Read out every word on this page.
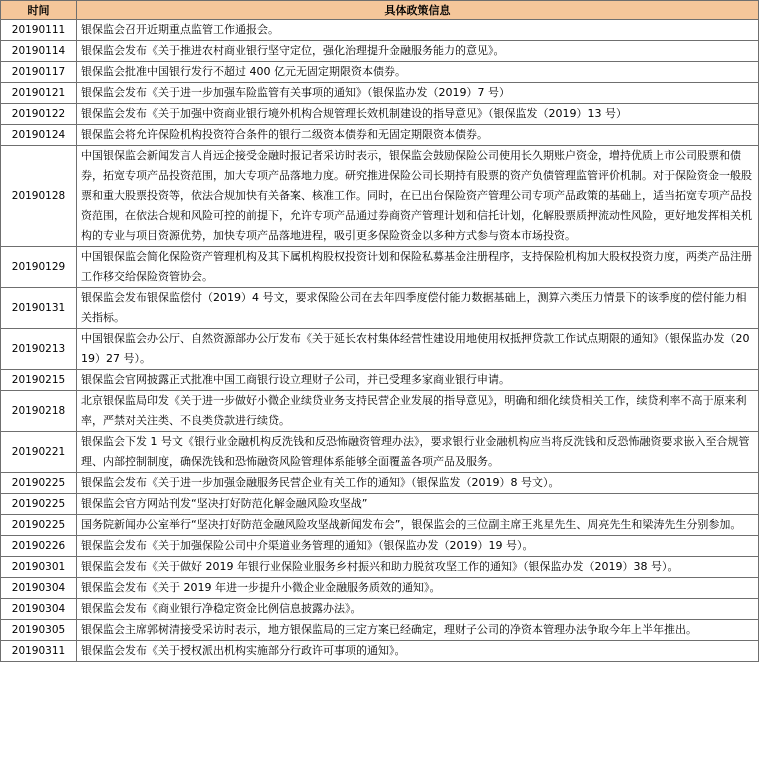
时间	具体政策信息
20190111	银保监会召开近期重点监管工作通报会。
20190114	银保监会发布《关于推进农村商业银行坚守定位，强化治理提升金融服务能力的意见》。
20190117	银保监会批准中国银行发行不超过 400 亿元无固定期限资本债券。
20190121	银保监会发布《关于进一步加强车险监管有关事项的通知》（银保监办发（2019）7 号）
20190122	银保监会发布《关于加强中资商业银行境外机构合规管理长效机制建设的指导意见》（银保监发（2019）13 号）
20190124	银保监会将允许保险机构投资符合条件的银行二级资本债券和无固定期限资本债券。
20190128	中国银保监会新闻发言人肖远企接受金融时报记者采访时表示，银保监会鼓励保险公司使用长久期账户资金，增持优质上市公司股票和债券，拓宽专项产品投资范围，加大专项产品落地力度。研究推进保险公司长期持有股票的资产负债管理监管评价机制。对于保险资金一般股票和重大股票投资等，依法合规加快有关备案、核准工作。同时，在已出台保险资产管理公司专项产品政策的基础上，适当拓宽专项产品投资范围，在依法合规和风险可控的前提下，允许专项产品通过券商资产管理计划和信托计划，化解股票质押流动性风险，更好地发挥相关机构的专业与项目资源优势，加快专项产品落地进程，吸引更多保险资金以多种方式参与资本市场投资。
20190129	中国银保监会简化保险资产管理机构及其下属机构股权投资计划和保险私募基金注册程序，支持保险机构加大股权投资力度，两类产品注册工作移交给保险资管协会。
20190131	银保监会发布银保监偿付（2019）4 号文，要求保险公司在去年四季度偿付能力数据基础上，测算六类压力情景下的该季度的偿付能力相关指标。
20190213	中国银保监会办公厅、自然资源部办公厅发布《关于延长农村集体经营性建设用地使用权抵押贷款工作试点期限的通知》（银保监办发（2019）27 号）。
20190215	银保监会官网披露正式批准中国工商银行设立理财子公司，并已受理多家商业银行申请。
20190218	北京银保监局印发《关于进一步做好小微企业续贷业务支持民营企业发展的指导意见》，明确和细化续贷相关工作，续贷利率不高于原来利率，严禁对关注类、不良类贷款进行续贷。
20190221	银保监会下发 1 号文《银行业金融机构反洗钱和反恐怖融资管理办法》，要求银行业金融机构应当将反洗钱和反恐怖融资要求嵌入至合规管理、内部控制制度，确保洗钱和恐怖融资风险管理体系能够全面覆盖各项产品及服务。
20190225	银保监会发布《关于进一步加强金融服务民营企业有关工作的通知》（银保监发（2019）8 号文）。
20190225	银保监会官方网站刊发“坚决打好防范化解金融风险攻坚战”
20190225	国务院新闻办公室举行“坚决打好防范金融风险攻坚战新闻发布会”，银保监会的三位副主席王兆星先生、周亮先生和梁涛先生分别参加。
20190226	银保监会发布《关于加强保险公司中介渠道业务管理的通知》（银保监办发（2019）19 号）。
20190301	银保监会发布《关于做好 2019 年银行业保险业服务乡村振兴和助力脱贫攻坚工作的通知》（银保监办发（2019）38 号）。
20190304	银保监会发布《关于 2019 年进一步提升小微企业金融服务质效的通知》。
20190304	银保监会发布《商业银行净稳定资金比例信息披露办法》。
20190305	银保监会主席郭树清接受采访时表示，地方银保监局的三定方案已经确定，理财子公司的净资本管理办法争取今年上半年推出。
20190311	银保监会发布《关于授权派出机构实施部分行政许可事项的通知》。
